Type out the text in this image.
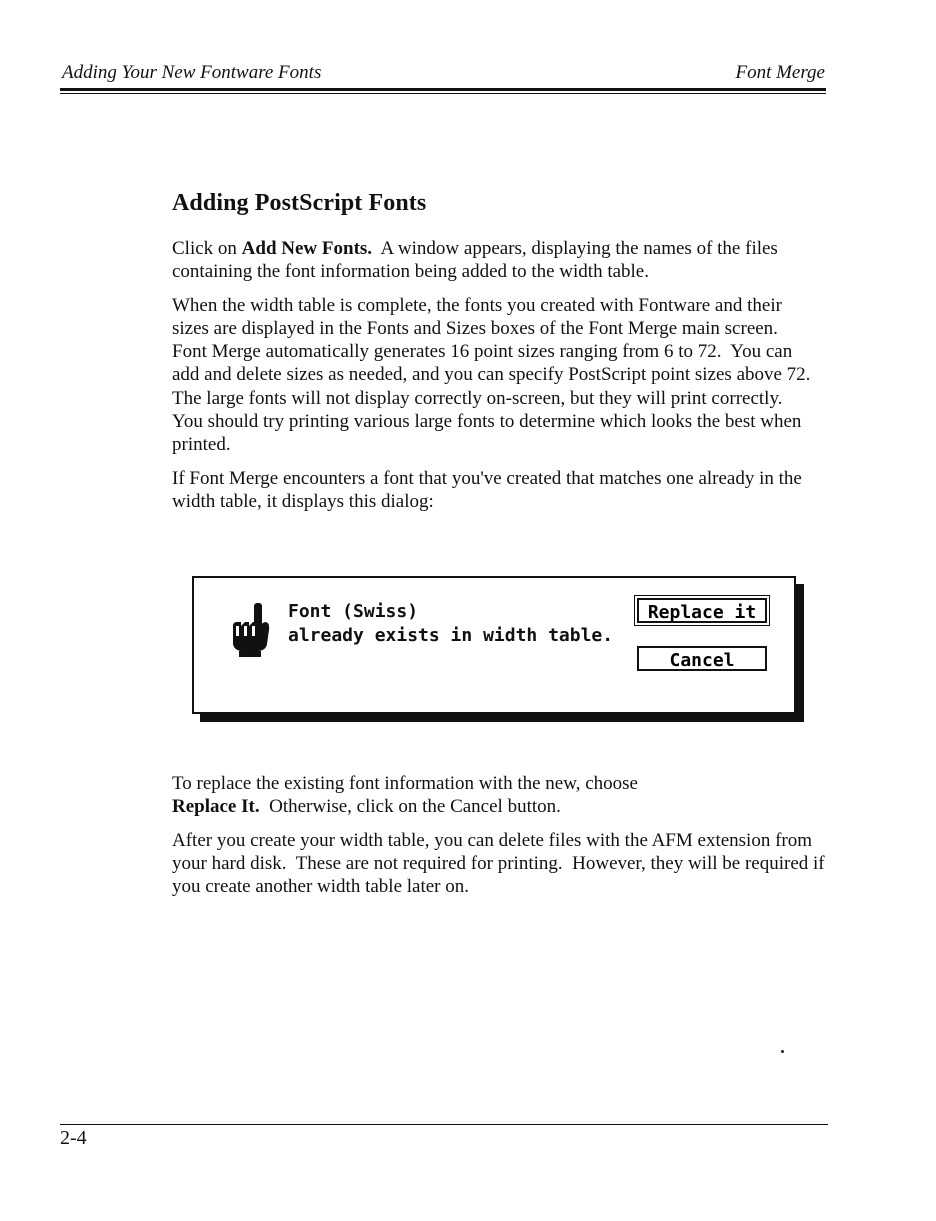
Adding Your New Fontware Fonts	Font Merge
Adding PostScript Fonts

Click on Add New Fonts.  A window appears, displaying the names of the files containing the font information being added to the width table.

When the width table is complete, the fonts you created with Fontware and their sizes are displayed in the Fonts and Sizes boxes of the Font Merge main screen.  Font Merge automatically generates 16 point sizes ranging from 6 to 72.  You can add and delete sizes as needed, and you can specify PostScript point sizes above 72.  The large fonts will not display correctly on-screen, but they will print correctly.  You should try printing various large fonts to determine which looks the best when printed.

If Font Merge encounters a font that you've created that matches one already in the width table, it displays this dialog:

Font (Swiss)
already exists in width table.
Replace it
Cancel

To replace the existing font information with the new, choose
Replace It.  Otherwise, click on the Cancel button.

After you create your width table, you can delete files with the AFM extension from your hard disk.  These are not required for printing.  However, they will be required if you create another width table later on.

2-4
